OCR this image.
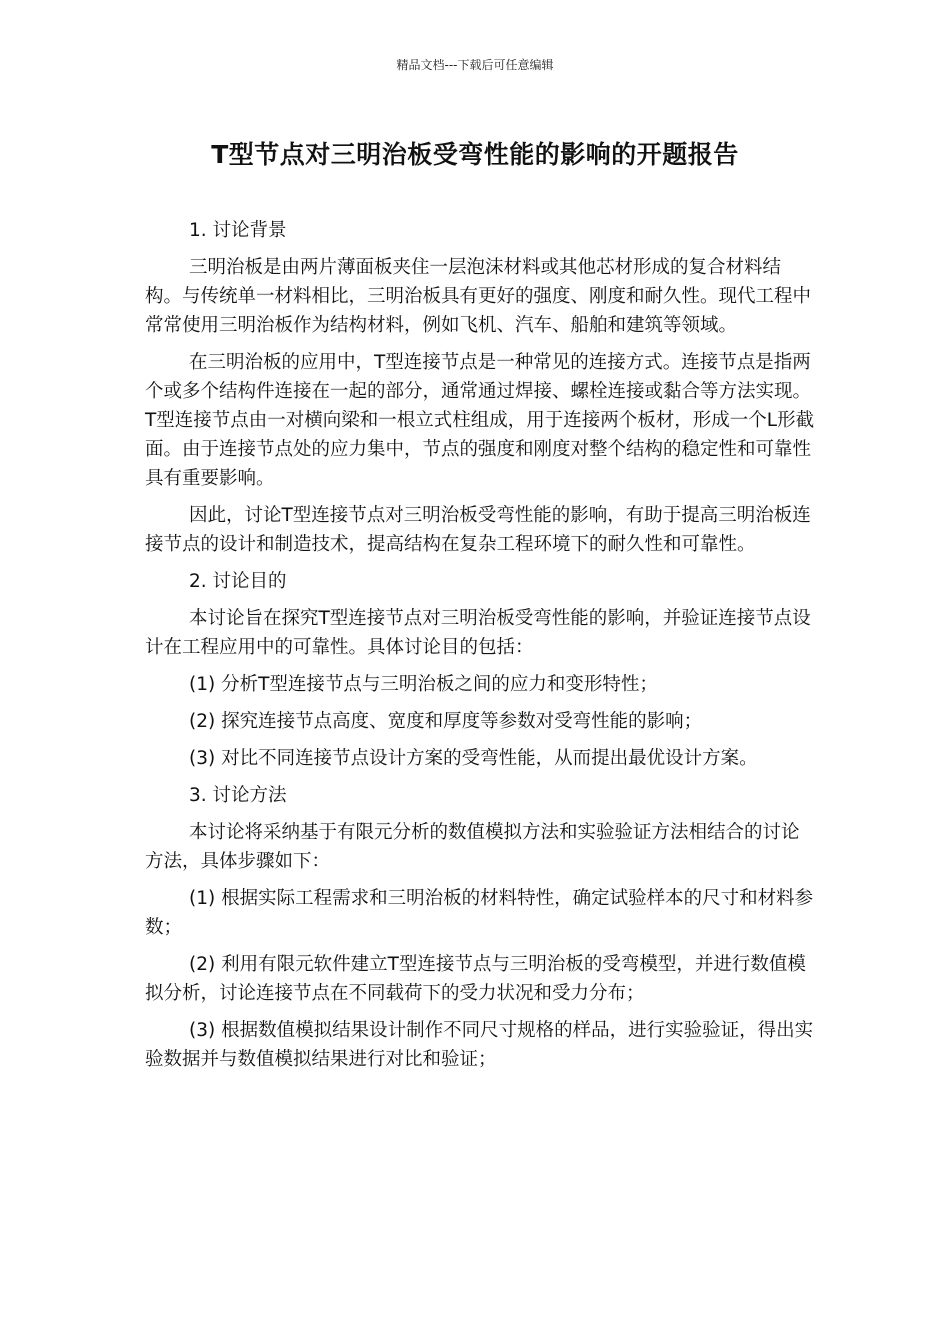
精品文档---下载后可任意编辑
T型节点对三明治板受弯性能的影响的开题报告

1. 讨论背景

三明治板是由两片薄面板夹住一层泡沫材料或其他芯材形成的复合材料结构。与传统单一材料相比，三明治板具有更好的强度、刚度和耐久性。现代工程中常常使用三明治板作为结构材料，例如飞机、汽车、船舶和建筑等领域。

在三明治板的应用中，T型连接节点是一种常见的连接方式。连接节点是指两个或多个结构件连接在一起的部分，通常通过焊接、螺栓连接或黏合等方法实现。T型连接节点由一对横向梁和一根立式柱组成，用于连接两个板材，形成一个L形截面。由于连接节点处的应力集中，节点的强度和刚度对整个结构的稳定性和可靠性具有重要影响。

因此，讨论T型连接节点对三明治板受弯性能的影响，有助于提高三明治板连接节点的设计和制造技术，提高结构在复杂工程环境下的耐久性和可靠性。

2. 讨论目的

本讨论旨在探究T型连接节点对三明治板受弯性能的影响，并验证连接节点设计在工程应用中的可靠性。具体讨论目的包括：

(1) 分析T型连接节点与三明治板之间的应力和变形特性；

(2) 探究连接节点高度、宽度和厚度等参数对受弯性能的影响；

(3) 对比不同连接节点设计方案的受弯性能，从而提出最优设计方案。

3. 讨论方法

本讨论将采纳基于有限元分析的数值模拟方法和实验验证方法相结合的讨论方法，具体步骤如下：

(1) 根据实际工程需求和三明治板的材料特性，确定试验样本的尺寸和材料参数；

(2) 利用有限元软件建立T型连接节点与三明治板的受弯模型，并进行数值模拟分析，讨论连接节点在不同载荷下的受力状况和受力分布；

(3) 根据数值模拟结果设计制作不同尺寸规格的样品，进行实验验证，得出实验数据并与数值模拟结果进行对比和验证；
